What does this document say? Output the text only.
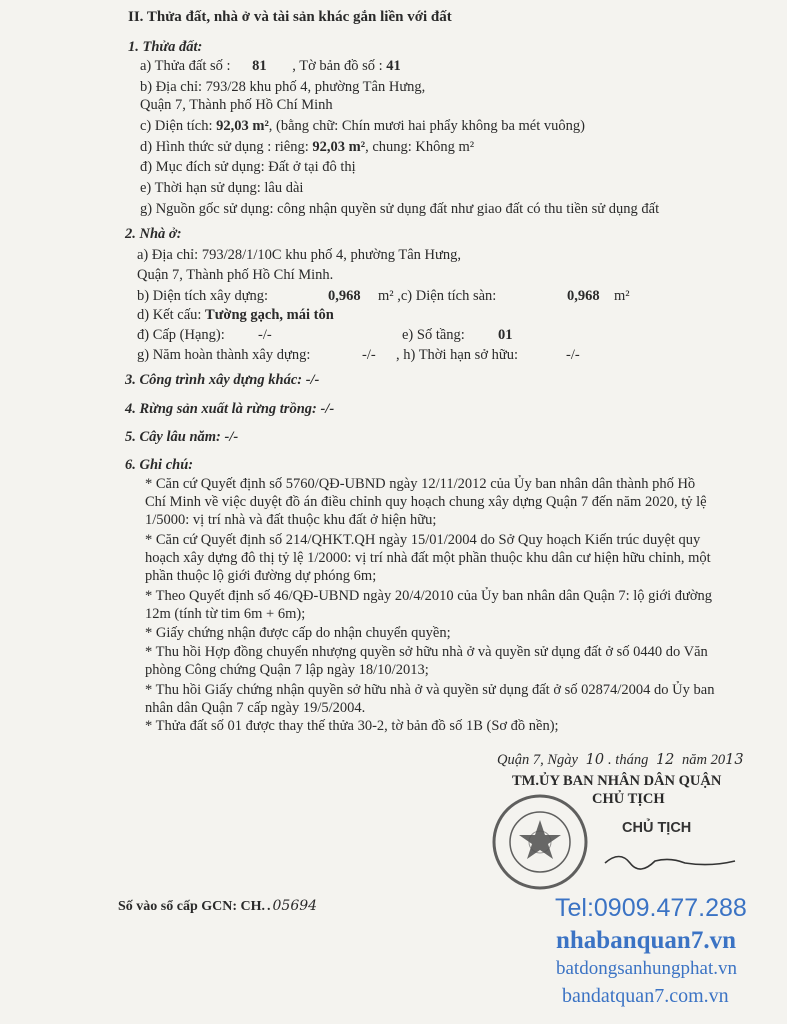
II. Thửa đất, nhà ở và tài sản khác gắn liền với đất
1. Thửa đất:
a) Thửa đất số : 81 , Tờ bản đồ số : 41
b) Địa chỉ: 793/28 khu phố 4, phường Tân Hưng,
Quận 7, Thành phố Hồ Chí Minh
c) Diện tích: 92,03 m², (bằng chữ: Chín mươi hai phẩy không ba mét vuông)
d) Hình thức sử dụng : riêng: 92,03 m², chung: Không m²
đ) Mục đích sử dụng: Đất ở tại đô thị
e) Thời hạn sử dụng: lâu dài
g) Nguồn gốc sử dụng: công nhận quyền sử dụng đất như giao đất có thu tiền sử dụng đất
2. Nhà ở:
a) Địa chỉ: 793/28/1/10C khu phố 4, phường Tân Hưng,
Quận 7, Thành phố Hồ Chí Minh.
b) Diện tích xây dựng:	0,968 m² ,c) Diện tích sàn:	0,968 m²
d) Kết cấu: Tường gạch, mái tôn
đ) Cấp (Hạng): -/-	e) Số tầng: 01
g) Năm hoàn thành xây dựng:	-/- , h) Thời hạn sở hữu:	-/-
3. Công trình xây dựng khác: -/-
4. Rừng sản xuất là rừng trồng: -/-
5. Cây lâu năm: -/-
6. Ghi chú:
* Căn cứ Quyết định số 5760/QĐ-UBND ngày 12/11/2012 của Ủy ban nhân dân thành phố Hồ
Chí Minh về việc duyệt đồ án điều chỉnh quy hoạch chung xây dựng Quận 7 đến năm 2020, tỷ lệ
1/5000: vị trí nhà và đất thuộc khu đất ở hiện hữu;
* Căn cứ Quyết định số 214/QHKT.QH ngày 15/01/2004 do Sở Quy hoạch Kiến trúc duyệt quy
hoạch xây dựng đô thị tỷ lệ 1/2000: vị trí nhà đất một phần thuộc khu dân cư hiện hữu chỉnh, một
phần thuộc lộ giới đường dự phóng 6m;
* Theo Quyết định số 46/QĐ-UBND ngày 20/4/2010 của Ủy ban nhân dân Quận 7: lộ giới đường
12m (tính từ tim 6m + 6m);
* Giấy chứng nhận được cấp do nhận chuyển quyền;
* Thu hồi Hợp đồng chuyển nhượng quyền sở hữu nhà ở và quyền sử dụng đất ở số 0440 do Văn
phòng Công chứng Quận 7 lập ngày 18/10/2013;
* Thu hồi Giấy chứng nhận quyền sở hữu nhà ở và quyền sử dụng đất ở số 02874/2004 do Ủy ban
nhân dân Quận 7 cấp ngày 19/5/2004.
* Thửa đất số 01 được thay thế thửa 30-2, tờ bản đồ số 1B (Sơ đồ nền);
Quận 7, Ngày 10 . tháng 12 năm 2013
TM.ỦY BAN NHÂN DÂN QUẬN
CHỦ TỊCH
CHỦ TỊCH
Số vào sổ cấp GCN: CH..05694	Tel:0909.477.288
nhabanquan7.vn
batdongsanhungphat.vn
bandatquan7.com.vn
